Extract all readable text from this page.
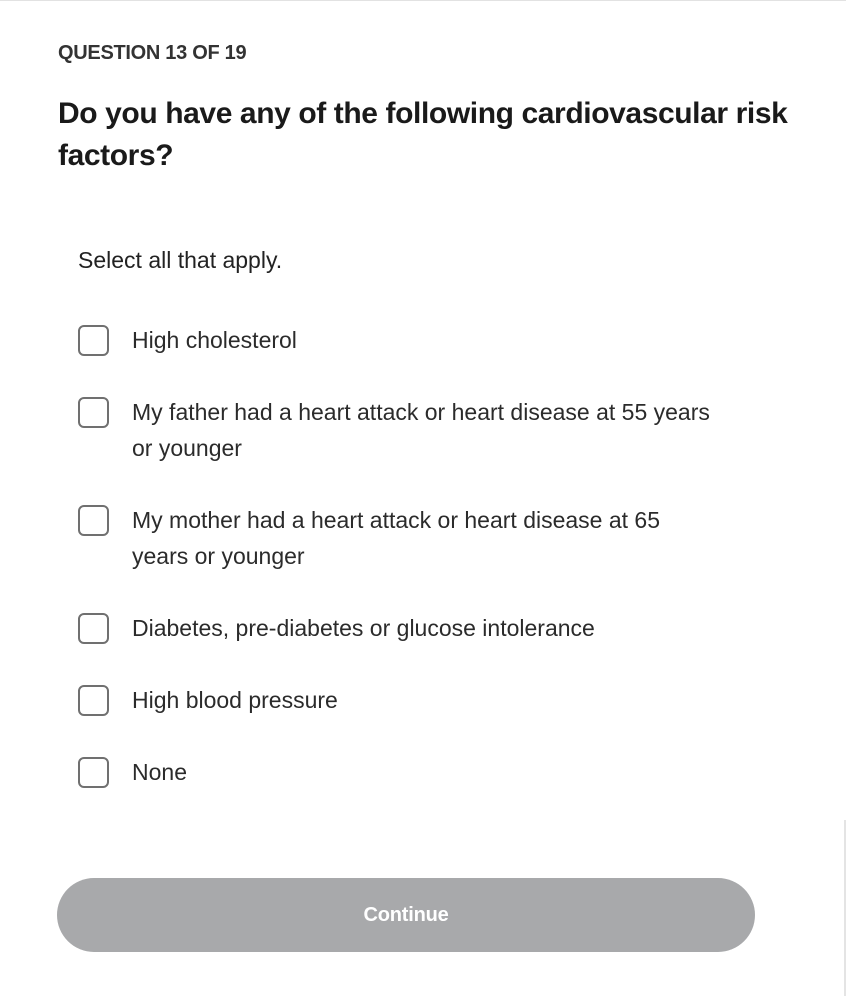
QUESTION 13 OF 19
Do you have any of the following cardiovascular risk factors?
Select all that apply.
High cholesterol
My father had a heart attack or heart disease at 55 years or younger
My mother had a heart attack or heart disease at 65 years or younger
Diabetes, pre-diabetes or glucose intolerance
High blood pressure
None
Continue
